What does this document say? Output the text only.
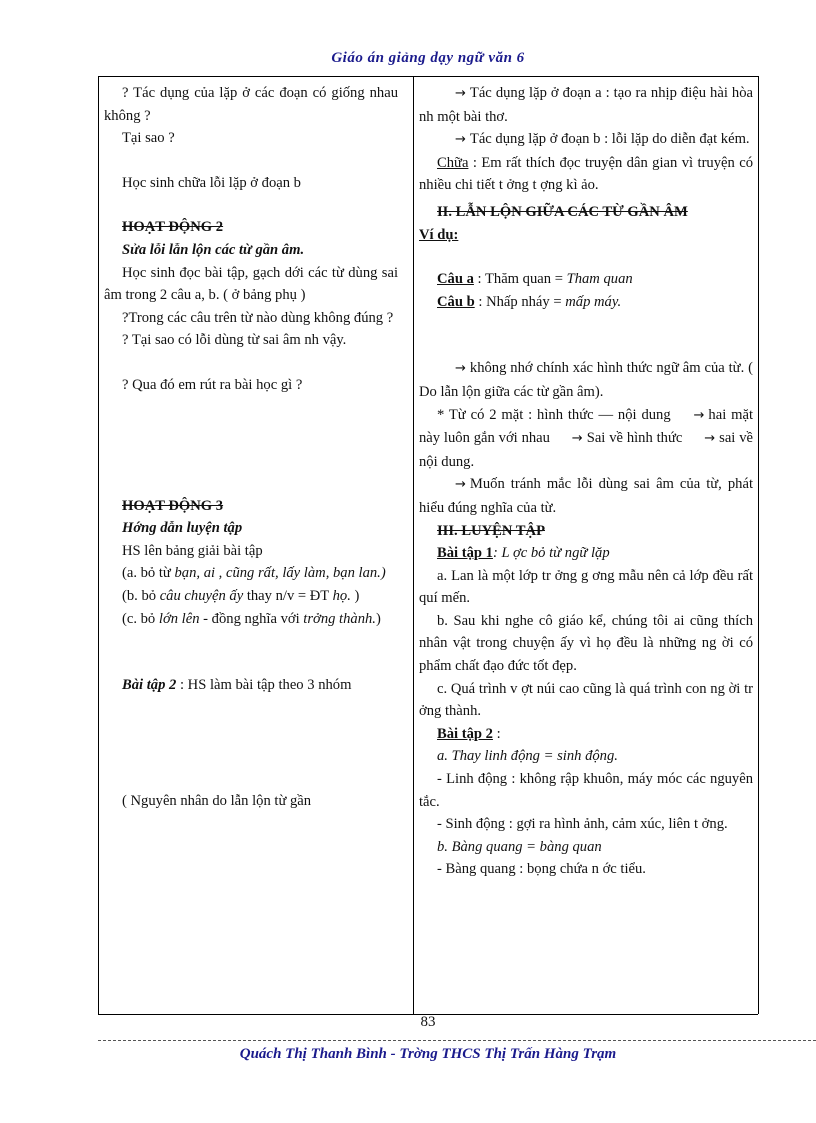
Giáo án giảng dạy ngữ văn 6

? Tác dụng của lặp ở các đoạn có giống nhau không ?

Tại sao ?

Học sinh chữa lỗi lặp ở đoạn b

HOẠT ĐỘNG 2

Sửa lỗi lẫn lộn các từ gần âm.

Học sinh đọc bài tập, gạch dới các từ dùng sai âm trong 2 câu a, b. ( ở bảng phụ )

?Trong các câu trên từ nào dùng không đúng ?

? Tại sao có lỗi dùng từ sai âm nh vậy.

? Qua đó em rút ra bài học gì ?

HOẠT ĐỘNG 3

Hớng dẫn luyện tập

HS lên bảng giải bài tập

(a. bỏ từ bạn, ai , cũng rất, lấy làm, bạn lan.)

(b. bỏ câu chuyện ấy thay n/v = ĐT họ. )

(c. bỏ lớn lên - đồng nghĩa với trởng thành.)

Bài tập 2 : HS làm bài tập theo 3 nhóm

( Nguyên nhân do lẫn lộn từ gần

→ Tác dụng lặp ở đoạn a : tạo ra nhịp điệu hài hòa nh một bài thơ.

→ Tác dụng lặp ở đoạn b : lỗi lặp do diễn đạt kém.

Chữa : Em rất thích đọc truyện dân gian vì truyện có nhiều chi tiết t ởng t ợng kì ảo.

II. LẪN LỘN GIỮA CÁC TỪ GẦN ÂM

Ví dụ:

Câu a : Thăm quan = Tham quan

Câu b : Nhấp nháy = mấp máy.

→ không nhớ chính xác hình thức ngữ âm của từ. ( Do lẫn lộn giữa các từ gần âm).

* Từ có 2 mặt : hình thức — nội dung → hai mặt này luôn gắn với nhau → Sai về hình thức → sai về nội dung.

→ Muốn tránh mắc lỗi dùng sai âm của từ, phát hiểu đúng nghĩa của từ.

III. LUYỆN TẬP

Bài tập 1: L ợc bỏ từ ngữ lặp

a. Lan là một lớp tr ởng g ơng mẫu nên cả lớp đều rất quí mến.

b. Sau khi nghe cô giáo kể, chúng tôi ai cũng thích nhân vật trong chuyện ấy vì họ đều là những ng ời có phẩm chất đạo đức tốt đẹp.

c. Quá trình v ợt núi cao cũng là quá trình con ng ời tr ởng thành.

Bài tập 2 :

a. Thay linh động = sinh động.

- Linh động : không rập khuôn, máy móc các nguyên tắc.

- Sinh động : gợi ra hình ảnh, cảm xúc, liên t ởng.

b. Bàng quang = bàng quan

- Bàng quang : bọng chứa n ớc tiểu.

83
Quách Thị Thanh Bình - Trờng THCS Thị Trấn Hàng Trạm
